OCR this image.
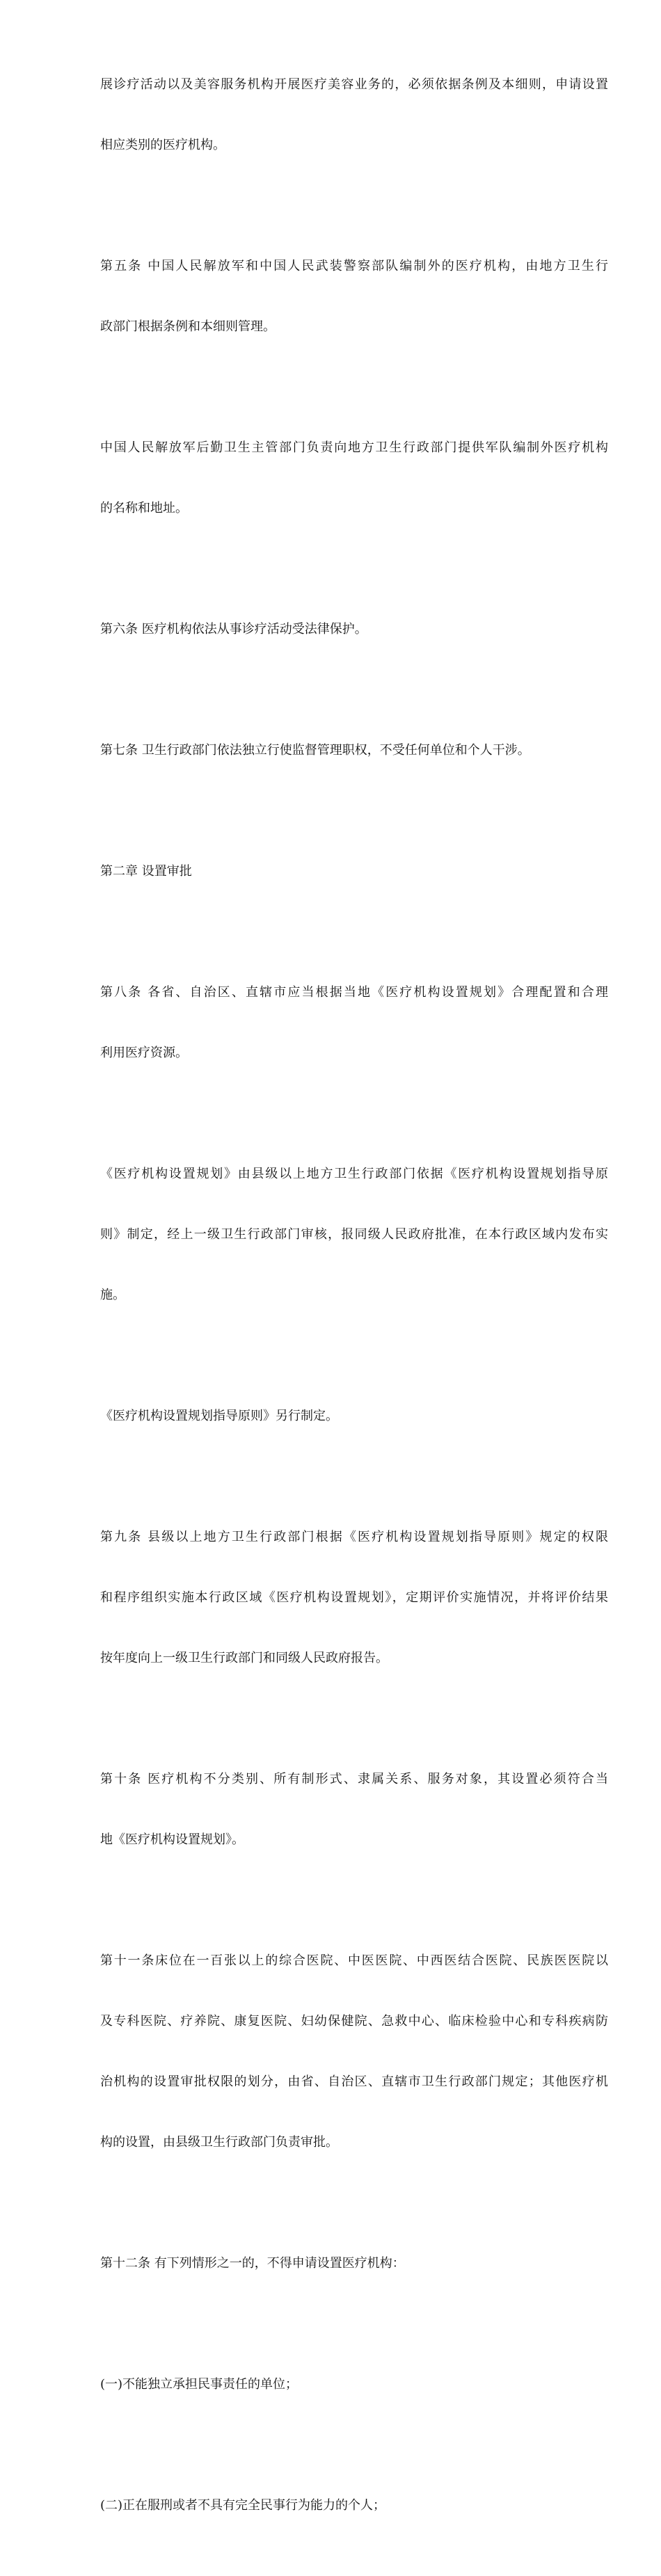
展诊疗活动以及美容服务机构开展医疗美容业务的，必须依据条例及本细则，申请设置

相应类别的医疗机构。

第五条 中国人民解放军和中国人民武装警察部队编制外的医疗机构，由地方卫生行

政部门根据条例和本细则管理。

中国人民解放军后勤卫生主管部门负责向地方卫生行政部门提供军队编制外医疗机构

的名称和地址。

第六条 医疗机构依法从事诊疗活动受法律保护。

第七条 卫生行政部门依法独立行使监督管理职权，不受任何单位和个人干涉。

第二章 设置审批

第八条 各省、自治区、直辖市应当根据当地《医疗机构设置规划》合理配置和合理

利用医疗资源。

《医疗机构设置规划》由县级以上地方卫生行政部门依据《医疗机构设置规划指导原

则》制定，经上一级卫生行政部门审核，报同级人民政府批准，在本行政区域内发布实

施。

《医疗机构设置规划指导原则》另行制定。

第九条 县级以上地方卫生行政部门根据《医疗机构设置规划指导原则》规定的权限

和程序组织实施本行政区域《医疗机构设置规划》，定期评价实施情况，并将评价结果

按年度向上一级卫生行政部门和同级人民政府报告。

第十条 医疗机构不分类别、所有制形式、隶属关系、服务对象，其设置必须符合当

地《医疗机构设置规划》。

第十一条床位在一百张以上的综合医院、中医医院、中西医结合医院、民族医医院以

及专科医院、疗养院、康复医院、妇幼保健院、急救中心、临床检验中心和专科疾病防

治机构的设置审批权限的划分，由省、自治区、直辖市卫生行政部门规定；其他医疗机

构的设置，由县级卫生行政部门负责审批。

第十二条 有下列情形之一的，不得申请设置医疗机构：

(一)不能独立承担民事责任的单位；

(二)正在服刑或者不具有完全民事行为能力的个人；
